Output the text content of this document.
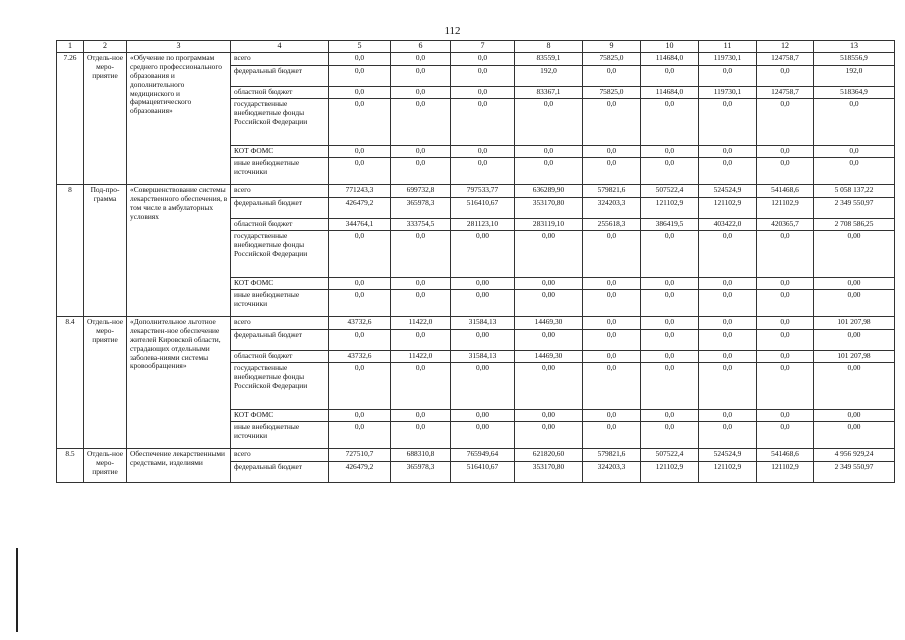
112
1	2	3	4	5	6	7	8	9	10	11	12	13
7.26	Отдель-ное меро-приятие	«Обучение по программам среднего профессионального образования и дополнительного медицинского и фармацевтического образования»	всего	0,0	0,0	0,0	83559,1	75825,0	114684,0	119730,1	124758,7	518556,9
			федеральный бюджет	0,0	0,0	0,0	192,0	0,0	0,0	0,0	0,0	192,0
			областной бюджет	0,0	0,0	0,0	83367,1	75825,0	114684,0	119730,1	124758,7	518364,9
			государственные внебюджетные фонды Российской Федерации	0,0	0,0	0,0	0,0	0,0	0,0	0,0	0,0	0,0
			КОТ ФОМС	0,0	0,0	0,0	0,0	0,0	0,0	0,0	0,0	0,0
			иные внебюджетные источники	0,0	0,0	0,0	0,0	0,0	0,0	0,0	0,0	0,0
8	Под-про-грамма	«Совершенствование системы лекарственного обеспечения, в том числе в амбулаторных условиях	всего	771243,3	699732,8	797533,77	636289,90	579821,6	507522,4	524524,9	541468,6	5 058 137,22
			федеральный бюджет	426479,2	365978,3	516410,67	353170,80	324203,3	121102,9	121102,9	121102,9	2 349 550,97
			областной бюджет	344764,1	333754,5	281123,10	283119,10	255618,3	386419,5	403422,0	420365,7	2 708 586,25
			государственные внебюджетные фонды Российской Федерации	0,0	0,0	0,00	0,00	0,0	0,0	0,0	0,0	0,00
			КОТ ФОМС	0,0	0,0	0,00	0,00	0,0	0,0	0,0	0,0	0,00
			иные внебюджетные источники	0,0	0,0	0,00	0,00	0,0	0,0	0,0	0,0	0,00
8.4	Отдель-ное меро-приятие	«Дополнительное льготное лекарствен-ное обеспечение жителей Кировской области, страдающих отдельными заболева-ниями системы кровообращения»	всего	43732,6	11422,0	31584,13	14469,30	0,0	0,0	0,0	0,0	101 207,98
			федеральный бюджет	0,0	0,0	0,00	0,00	0,0	0,0	0,0	0,0	0,00
			областной бюджет	43732,6	11422,0	31584,13	14469,30	0,0	0,0	0,0	0,0	101 207,98
			государственные внебюджетные фонды Российской Федерации	0,0	0,0	0,00	0,00	0,0	0,0	0,0	0,0	0,00
			КОТ ФОМС	0,0	0,0	0,00	0,00	0,0	0,0	0,0	0,0	0,00
			иные внебюджетные источники	0,0	0,0	0,00	0,00	0,0	0,0	0,0	0,0	0,00
8.5	Отдель-ное меро-приятие	Обеспечение лекарственными средствами, изделиями	всего	727510,7	688310,8	765949,64	621820,60	579821,6	507522,4	524524,9	541468,6	4 956 929,24
			федеральный бюджет	426479,2	365978,3	516410,67	353170,80	324203,3	121102,9	121102,9	121102,9	2 349 550,97
